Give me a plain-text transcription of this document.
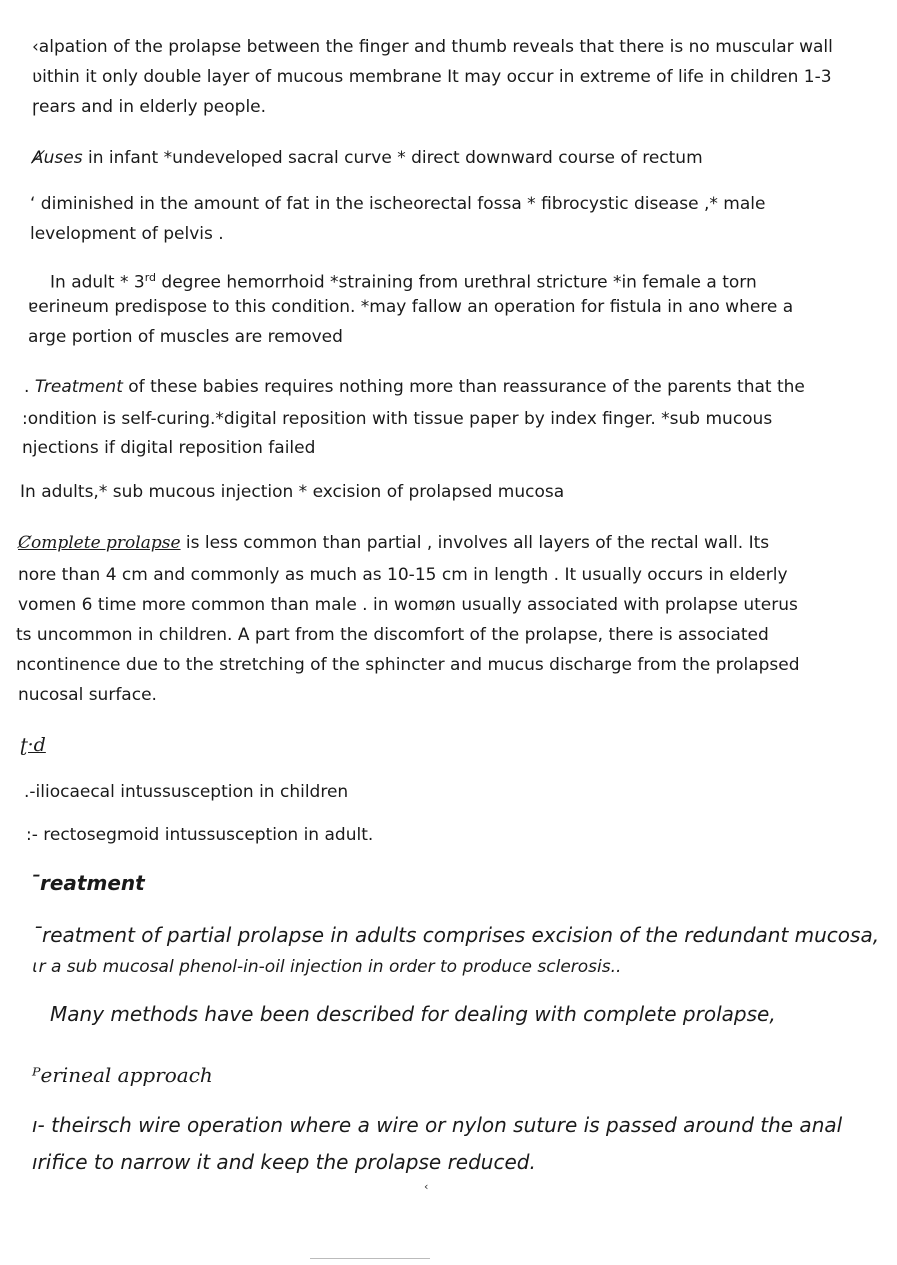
‹alpation of the prolapse between the finger and thumb reveals that there is no muscular wall
ʋithin it only double layer of mucous membrane It may occur in extreme of life in children 1-3
ɼears and in elderly people.
Ⱥuses in infant *undeveloped sacral curve * direct downward course of rectum
‘ diminished in the amount of fat in the ischeorectal fossa * fibrocystic disease ,* male
levelopment of pelvis .
In adult * 3rd degree hemorrhoid *straining from urethral stricture *in female a torn
ɐerineum predispose to this condition. *may fallow an operation for fistula in ano where a
arge portion of muscles are removed
. Treatment of these babies requires nothing more than reassurance of the parents that the
:ondition is self-curing.*digital reposition with tissue paper by index finger. *sub mucous
njections if digital reposition failed
In adults,* sub mucous injection * excision of prolapsed mucosa
Ȼomplete prolapse is less common than partial , involves all layers of the rectal wall. Its
nore than 4 cm and commonly as much as 10-15 cm in length . It usually occurs in elderly
vomen 6 time more common than male . in womøn usually associated with prolapse uterus
ts uncommon in children. A part from the discomfort of the prolapse, there is associated
ncontinence due to the stretching of the sphincter and mucus discharge from the prolapsed
nucosal surface.
ʈ·d
.-iliocaecal intussusception in children
:- rectosegmoid intussusception in adult.
ˉreatment
ˉreatment of partial prolapse in adults comprises excision of the redundant mucosa,
ɩr a sub mucosal phenol-in-oil injection in order to produce sclerosis..
Many methods have been described for dealing with complete prolapse,
ᴾerineal approach
ı- theirsch wire operation where a wire or nylon suture is passed around the anal
ırifice to narrow it and keep the prolapse reduced.
‹
